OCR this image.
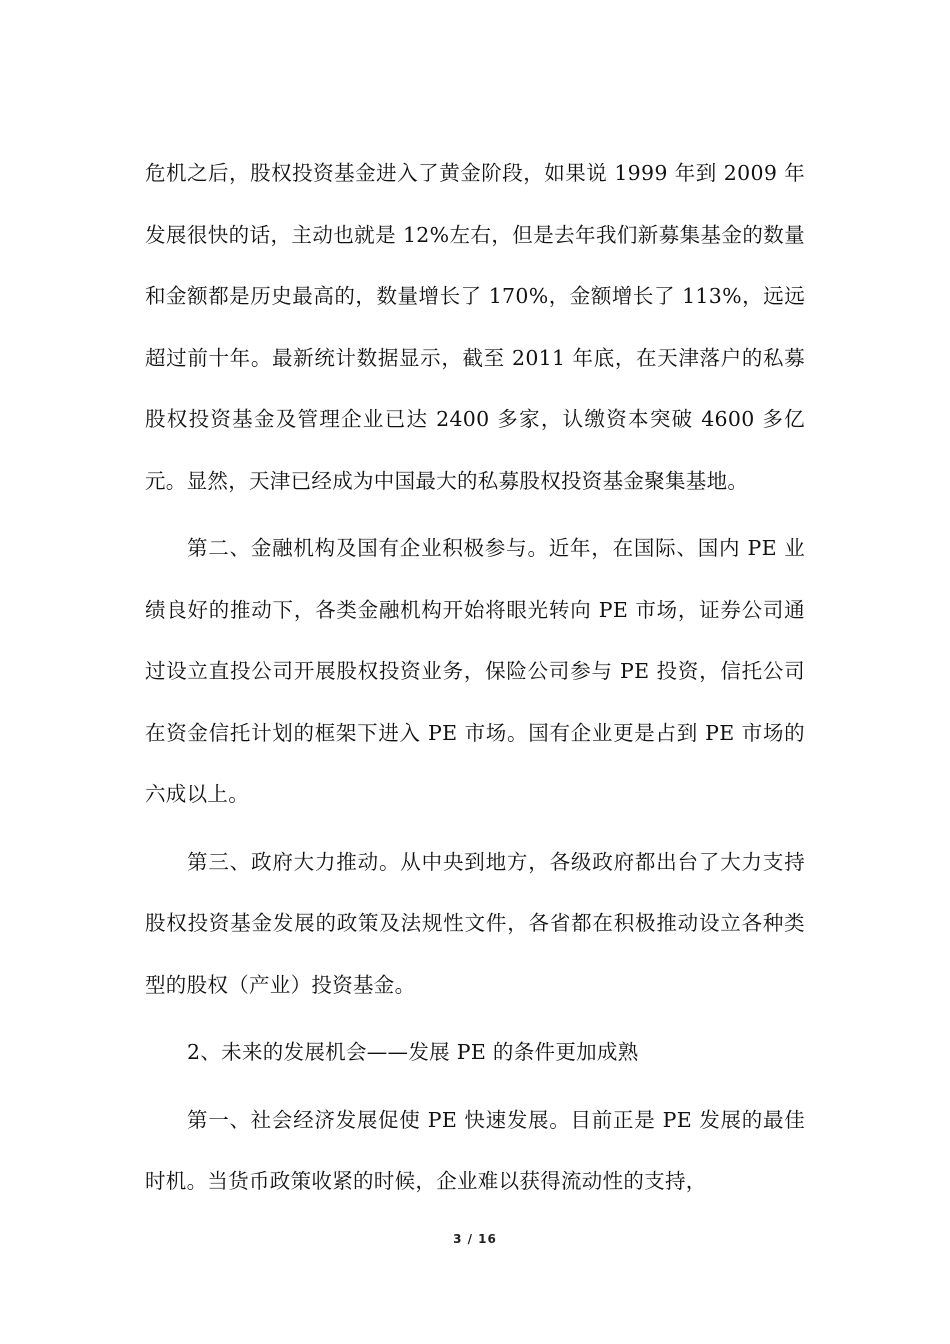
危机之后，股权投资基金进入了黄金阶段，如果说 1999 年到 2009 年发展很快的话，主动也就是 12%左右，但是去年我们新募集基金的数量和金额都是历史最高的，数量增长了 170%，金额增长了 113%，远远超过前十年。最新统计数据显示，截至 2011 年底，在天津落户的私募股权投资基金及管理企业已达 2400 多家，认缴资本突破 4600 多亿元。显然，天津已经成为中国最大的私募股权投资基金聚集基地。

第二、金融机构及国有企业积极参与。近年，在国际、国内 PE 业绩良好的推动下，各类金融机构开始将眼光转向 PE 市场，证券公司通过设立直投公司开展股权投资业务，保险公司参与 PE 投资，信托公司在资金信托计划的框架下进入 PE 市场。国有企业更是占到 PE 市场的六成以上。

第三、政府大力推动。从中央到地方，各级政府都出台了大力支持股权投资基金发展的政策及法规性文件，各省都在积极推动设立各种类型的股权（产业）投资基金。

2、未来的发展机会——发展 PE 的条件更加成熟

第一、社会经济发展促使 PE 快速发展。目前正是 PE 发展的最佳时机。当货币政策收紧的时候，企业难以获得流动性的支持，

3 / 16
